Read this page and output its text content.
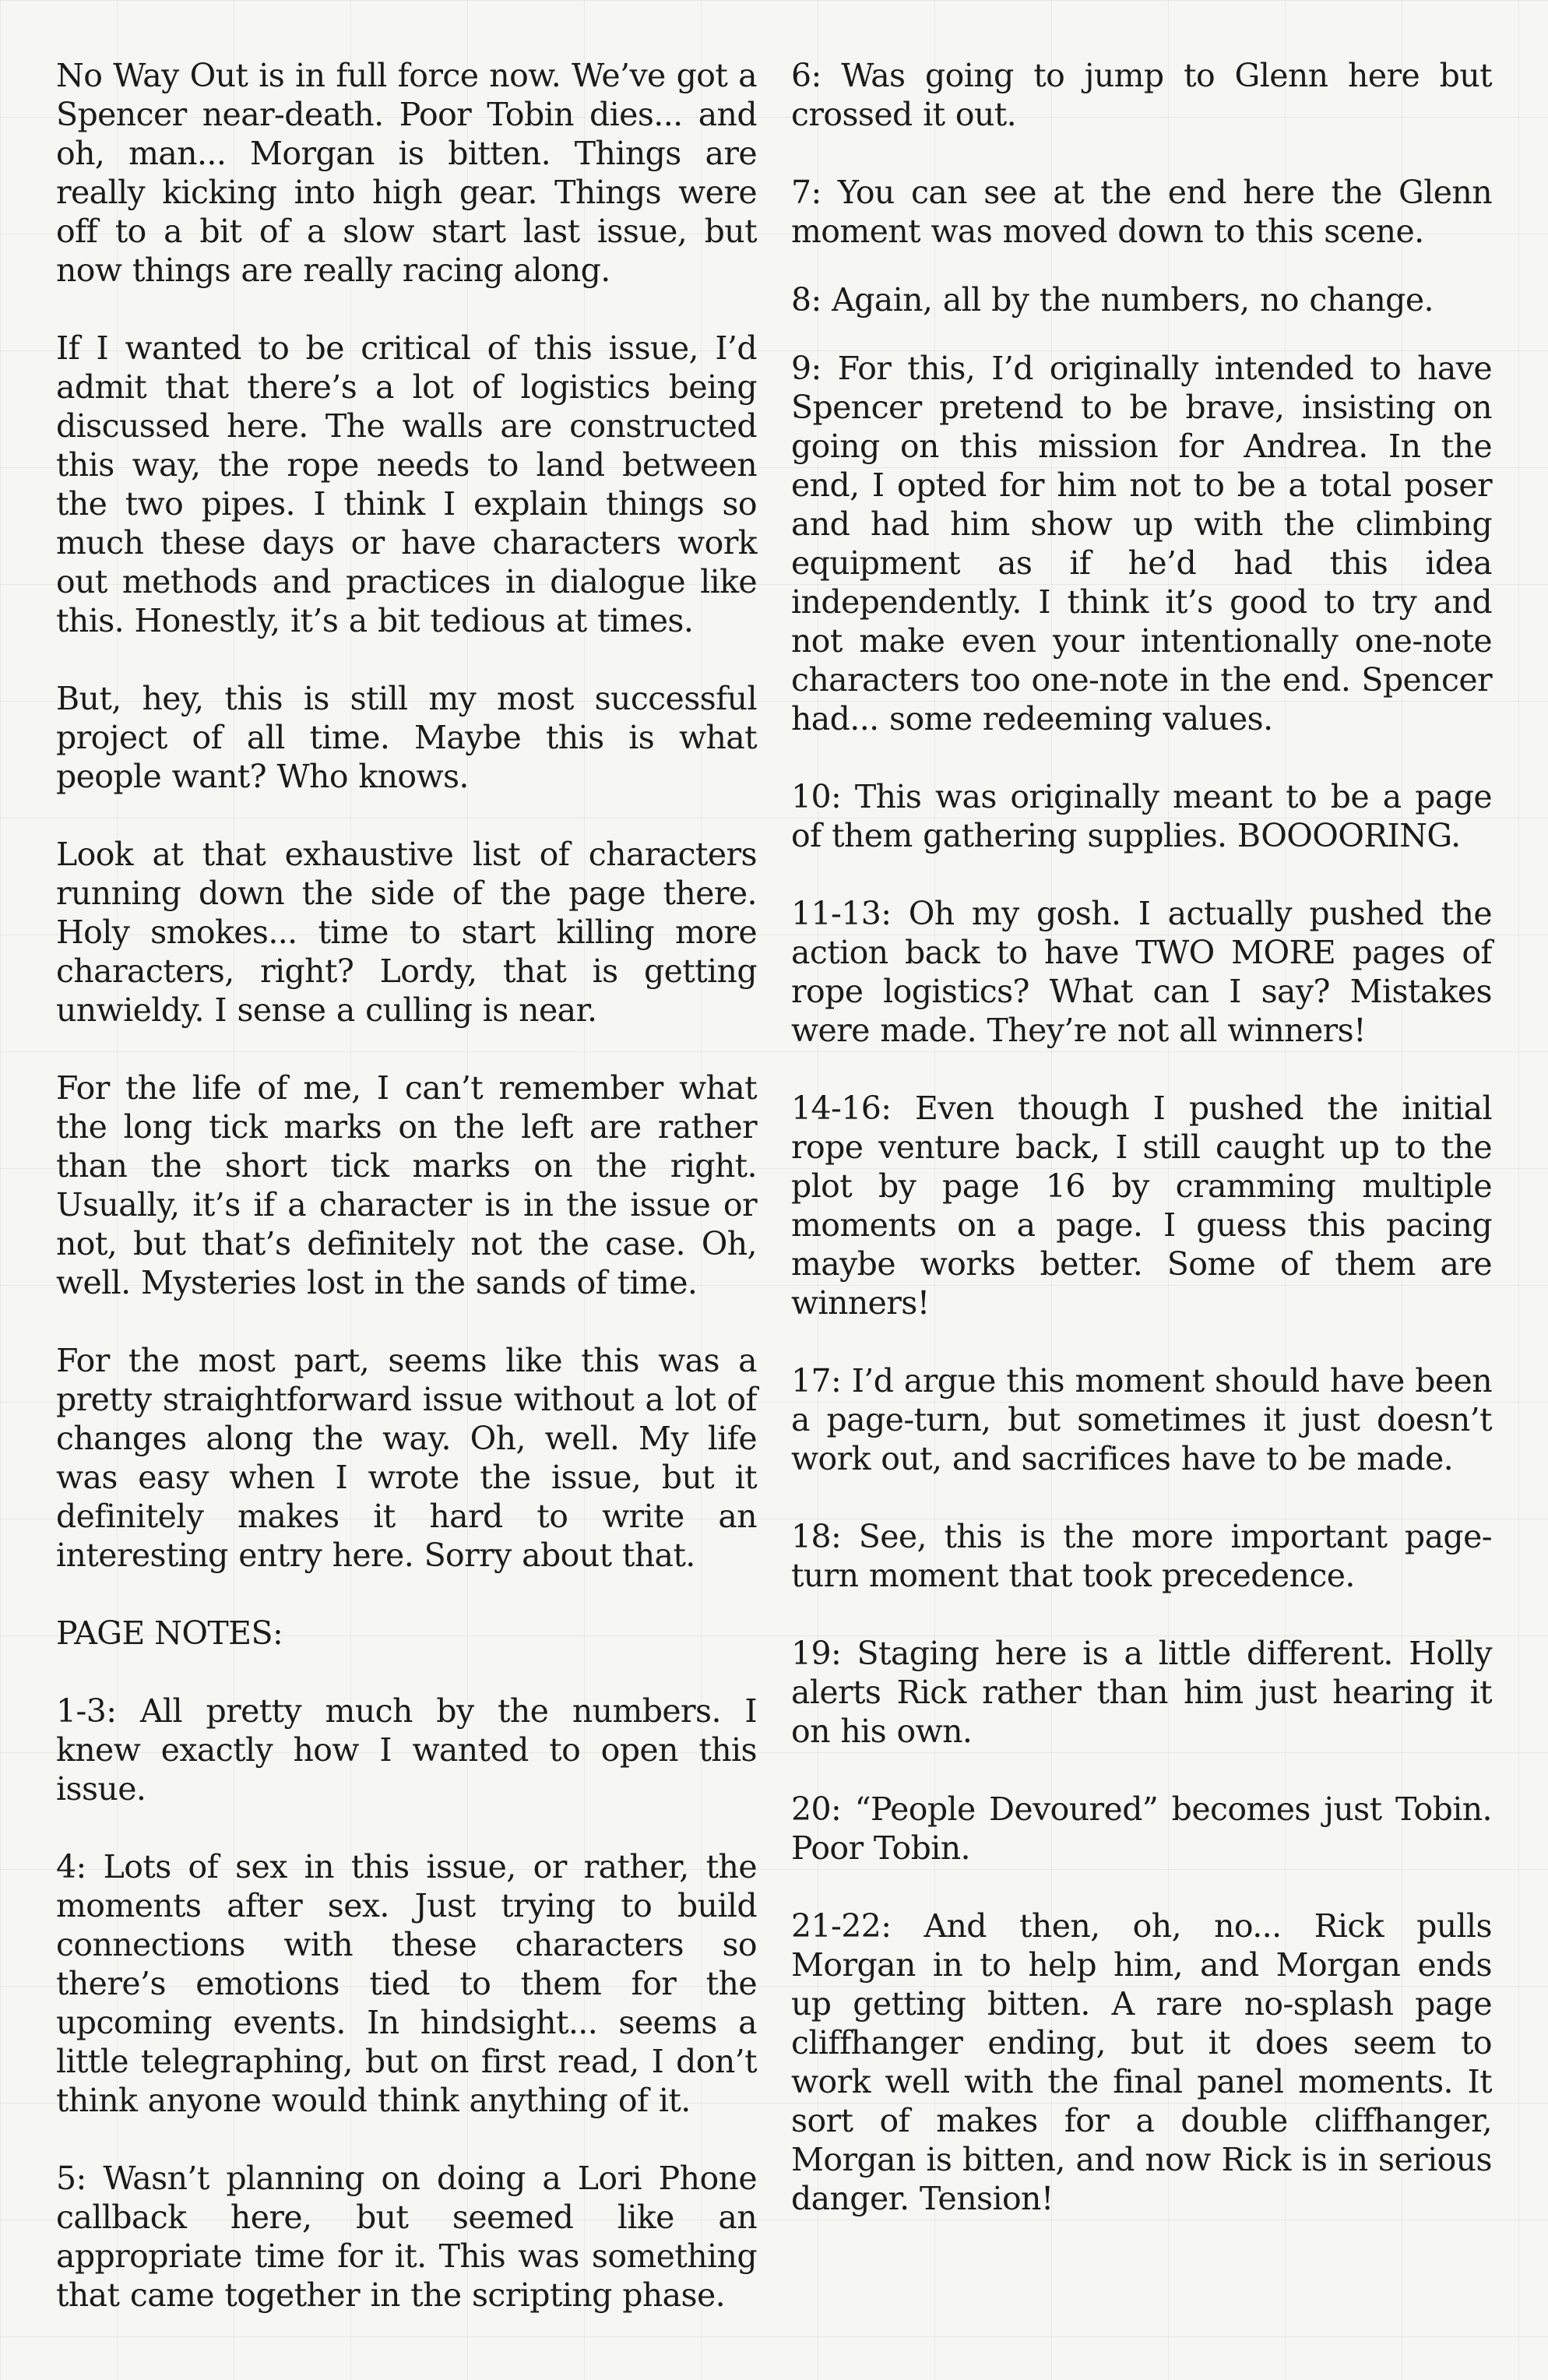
No Way Out is in full force now. We’ve got a Spencer near-death. Poor Tobin dies... and oh, man... Morgan is bitten. Things are really kicking into high gear. Things were off to a bit of a slow start last issue, but now things are really racing along.

If I wanted to be critical of this issue, I’d admit that there’s a lot of logistics being discussed here. The walls are constructed this way, the rope needs to land between the two pipes. I think I explain things so much these days or have characters work out methods and practices in dialogue like this. Honestly, it’s a bit tedious at times.

But, hey, this is still my most successful project of all time. Maybe this is what people want? Who knows.

Look at that exhaustive list of characters running down the side of the page there. Holy smokes... time to start killing more characters, right? Lordy, that is getting unwieldy. I sense a culling is near.

For the life of me, I can’t remember what the long tick marks on the left are rather than the short tick marks on the right. Usually, it’s if a character is in the issue or not, but that’s definitely not the case. Oh, well. Mysteries lost in the sands of time.

For the most part, seems like this was a pretty straightforward issue without a lot of changes along the way. Oh, well. My life was easy when I wrote the issue, but it definitely makes it hard to write an interesting entry here. Sorry about that.

PAGE NOTES:

1-3: All pretty much by the numbers. I knew exactly how I wanted to open this issue.

4: Lots of sex in this issue, or rather, the moments after sex. Just trying to build connections with these characters so there’s emotions tied to them for the upcoming events. In hindsight... seems a little telegraphing, but on first read, I don’t think anyone would think anything of it.

5: Wasn’t planning on doing a Lori Phone callback here, but seemed like an appropriate time for it. This was something that came together in the scripting phase.

6: Was going to jump to Glenn here but crossed it out.

7: You can see at the end here the Glenn moment was moved down to this scene.

8: Again, all by the numbers, no change.

9: For this, I’d originally intended to have Spencer pretend to be brave, insisting on going on this mission for Andrea. In the end, I opted for him not to be a total poser and had him show up with the climbing equipment as if he’d had this idea independently. I think it’s good to try and not make even your intentionally one-note characters too one-note in the end. Spencer had... some redeeming values.

10: This was originally meant to be a page of them gathering supplies. BOOOORING.

11-13: Oh my gosh. I actually pushed the action back to have TWO MORE pages of rope logistics? What can I say? Mistakes were made. They’re not all winners!

14-16: Even though I pushed the initial rope venture back, I still caught up to the plot by page 16 by cramming multiple moments on a page. I guess this pacing maybe works better. Some of them are winners!

17: I’d argue this moment should have been a page-turn, but sometimes it just doesn’t work out, and sacrifices have to be made.

18: See, this is the more important page-turn moment that took precedence.

19: Staging here is a little different. Holly alerts Rick rather than him just hearing it on his own.

20: “People Devoured” becomes just Tobin. Poor Tobin.

21-22: And then, oh, no... Rick pulls Morgan in to help him, and Morgan ends up getting bitten. A rare no-splash page cliffhanger ending, but it does seem to work well with the final panel moments. It sort of makes for a double cliffhanger, Morgan is bitten, and now Rick is in serious danger. Tension!
